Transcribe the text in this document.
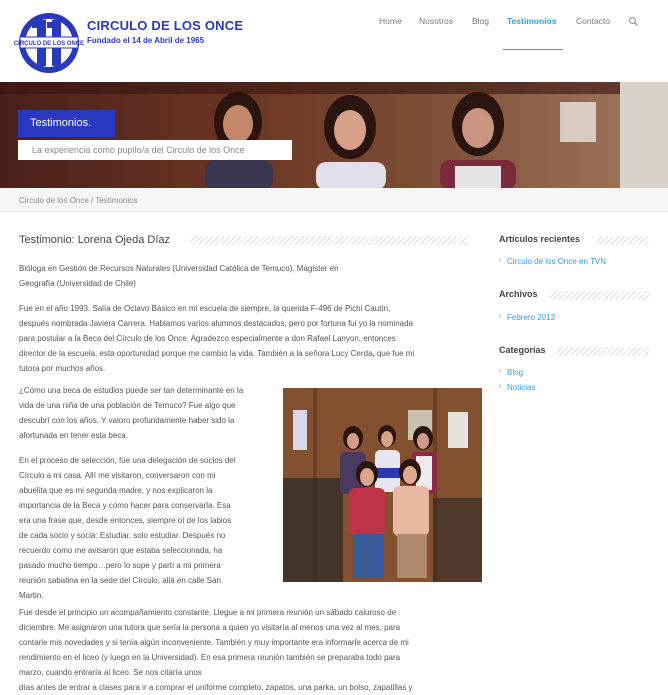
CIRCULO DE LOS ONCE
CIRCULO DE LOS ONCE
Fundado el 14 de Abril de 1965
Home Nosotros Blog Testimonios Contacto
Testimonios.
La experiencia como pupilo/a del Circulo de los Once
Circulo de los Once / Testimonios
Testimonio: Lorena Ojeda Díaz
Bióloga en Gestión de Recursos Naturales (Universidad Católica de Temuco). Magister en
Geografía (Universidad de Chile)
Fue en el año 1993. Salía de Octavo Básico en mi escuela de siempre, la querida F-496 de Pichi Cautín,
después nombrada Javiera Carrera. Hablamos varios alumnos destacados, pero por fortuna fui yo la nominada
para postular a la Beca del Círculo de los Once. Agradezco especialmente a don Rafael Lanyon, entonces
director de la escuela, esta oportunidad porque me cambio la vida. También a la señora Lucy Cerda, que fue mi
tutora por muchos años.
¿Cómo una beca de estudios puede ser tan determinante en la
vida de una niña de una población de Temuco? Fue algo que
descubrí con los años. Y valoro profundamente haber sido la
afortunada en tener esta beca.
En el proceso de selección, fue una delegación de socios del
Círculo a mi casa. Allí me visitaron, conversaron con mi
abuelita que es mi segunda madre, y nos explicaron la
importancia de la Beca y cómo hacer para conservarla. Esa
era una frase que, desde entonces, siempre oí de los labios
de cada socio y socia: Estudiar, solo estudiar. Después no
recuerdo como me avisaron que estaba seleccionada, ha
pasado mucho tiempo…pero lo supe y partí a mi primera
reunión sabatina en la sede del Círculo, allá en calle San
Martin.
Fue desde el principio un acompañamiento constante. Llegue a mi primera reunión un sábado caluroso de
diciembre. Me asignaron una tutora que sería la persona a quien yo visitaría al menos una vez al mes, para
contarle mis novedades y si tenía algún inconveniente. También y muy importante era informarle acerca de mi
rendimiento en el liceo (y luego en la Universidad). En esa primera reunión también se preparaba todo para
marzo, cuando entraría al liceo. Se nos citaría unos
días antes de entrar a clases para ir a comprar el uniforme completo, zapatos, una parka, un bolso, zapatillas y
Artículos recientes
› Circulo de los Once en TVN
Archivos
› Febrero 2013
Categorías
› Blog
› Noticias
